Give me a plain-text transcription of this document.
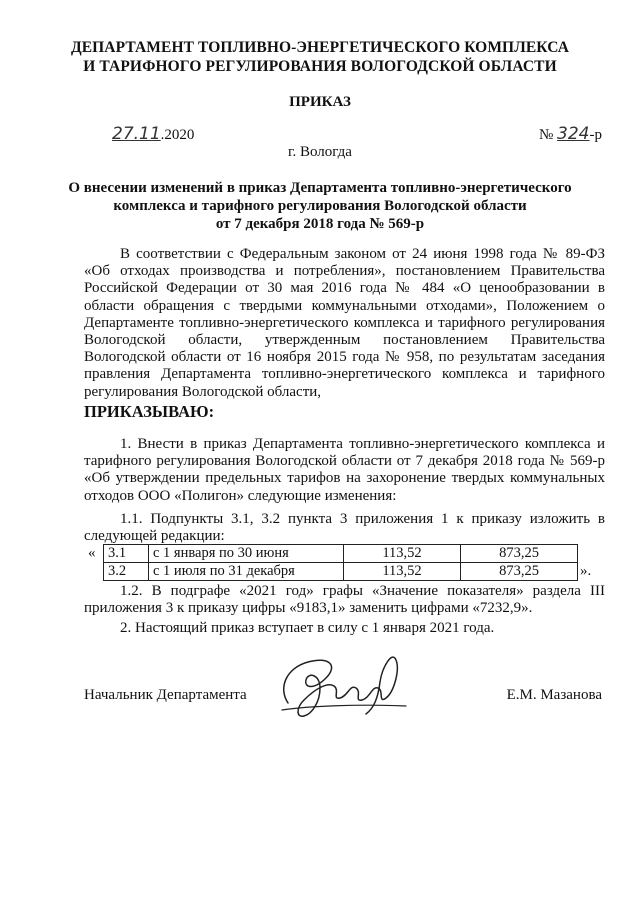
ДЕПАРТАМЕНТ ТОПЛИВНО-ЭНЕРГЕТИЧЕСКОГО КОМПЛЕКСА
И ТАРИФНОГО РЕГУЛИРОВАНИЯ ВОЛОГОДСКОЙ ОБЛАСТИ
ПРИКАЗ
27.11.2020	№ 324-р
г. Вологда
О внесении изменений в приказ Департамента топливно-энергетического
комплекса и тарифного регулирования Вологодской области
от 7 декабря 2018 года № 569-р
В соответствии с Федеральным законом от 24 июня 1998 года № 89-ФЗ «Об отходах производства и потребления», постановлением Правительства Российской Федерации от 30 мая 2016 года № 484 «О ценообразовании в области обращения с твердыми коммунальными отходами», Положением о Департаменте топливно-энергетического комплекса и тарифного регулирования Вологодской области, утвержденным постановлением Правительства Вологодской области от 16 ноября 2015 года № 958, по результатам заседания правления Департамента топливно-энергетического комплекса и тарифного регулирования Вологодской области,
ПРИКАЗЫВАЮ:
1. Внести в приказ Департамента топливно-энергетического комплекса и тарифного регулирования Вологодской области от 7 декабря 2018 года № 569-р «Об утверждении предельных тарифов на захоронение твердых коммунальных отходов ООО «Полигон» следующие изменения:
1.1. Подпункты 3.1, 3.2 пункта 3 приложения 1 к приказу изложить в следующей редакции:
« 3.1	с 1 января по 30 июня	113,52	873,25
3.2	с 1 июля по 31 декабря	113,52	873,25	».
1.2. В подграфе «2021 год» графы «Значение показателя» раздела III приложения 3 к приказу цифры «9183,1» заменить цифрами «7232,9».
2. Настоящий приказ вступает в силу с 1 января 2021 года.
Начальник Департамента	Е.М. Мазанова
